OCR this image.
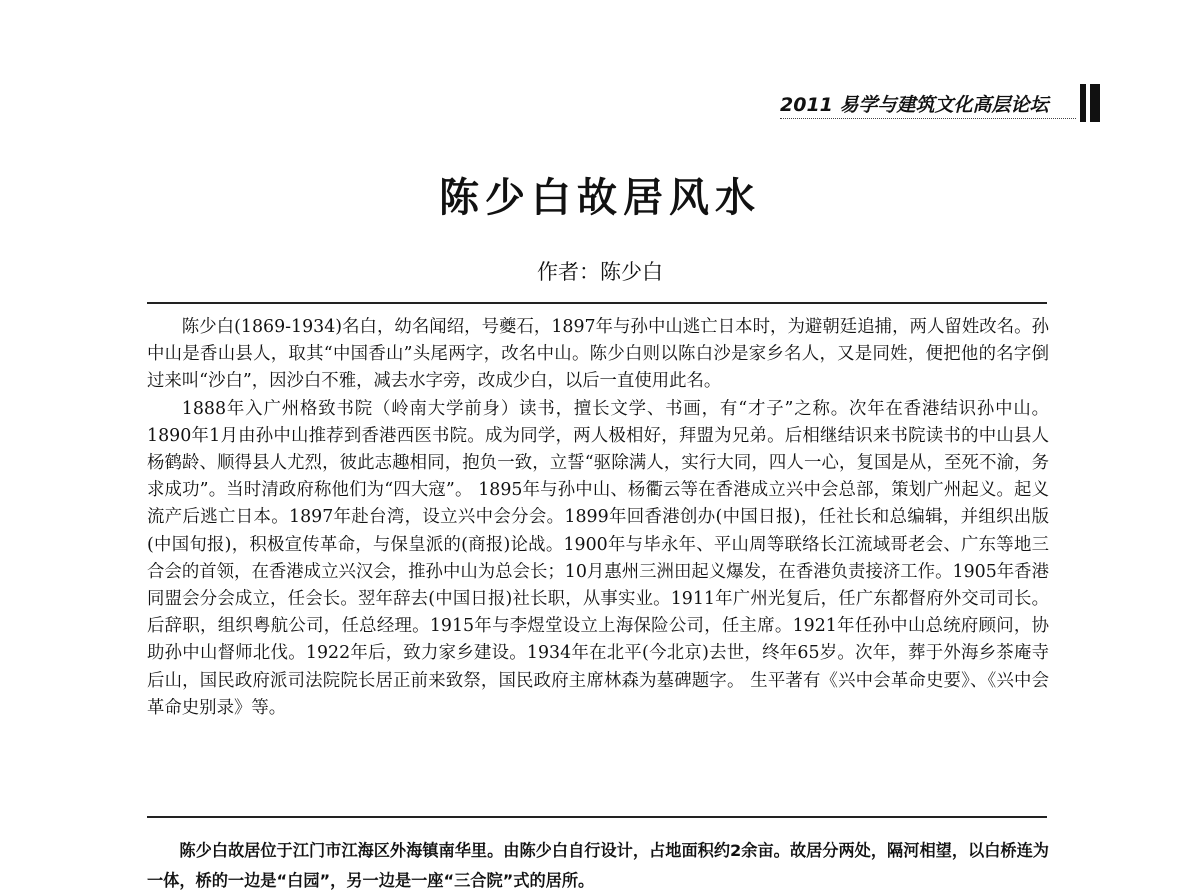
2011 易学与建筑文化高层论坛
陈少白故居风水
作者：陈少白

陈少白(1869-1934)名白，幼名闻绍，号夔石，1897年与孙中山逃亡日本时，为避朝廷追捕，两人留姓改名。孙中山是香山县人，取其“中国香山”头尾两字，改名中山。陈少白则以陈白沙是家乡名人，又是同姓，便把他的名字倒过来叫“沙白”，因沙白不雅，减去水字旁，改成少白，以后一直使用此名。

1888年入广州格致书院（岭南大学前身）读书，擅长文学、书画，有“才子”之称。次年在香港结识孙中山。1890年1月由孙中山推荐到香港西医书院。成为同学，两人极相好，拜盟为兄弟。后相继结识来书院读书的中山县人杨鹤龄、顺得县人尤烈，彼此志趣相同，抱负一致，立誓“驱除满人，实行大同，四人一心，复国是从，至死不渝，务求成功”。当时清政府称他们为“四大寇”。 1895年与孙中山、杨衢云等在香港成立兴中会总部，策划广州起义。起义流产后逃亡日本。1897年赴台湾，设立兴中会分会。1899年回香港创办(中国日报)，任社长和总编辑，并组织出版(中国旬报)，积极宣传革命，与保皇派的(商报)论战。1900年与毕永年、平山周等联络长江流域哥老会、广东等地三合会的首领，在香港成立兴汉会，推孙中山为总会长；10月惠州三洲田起义爆发，在香港负责接济工作。1905年香港同盟会分会成立，任会长。翌年辞去(中国日报)社长职，从事实业。1911年广州光复后，任广东都督府外交司司长。后辞职，组织粤航公司，任总经理。1915年与李煜堂设立上海保险公司，任主席。1921年任孙中山总统府顾问，协助孙中山督师北伐。1922年后，致力家乡建设。1934年在北平(今北京)去世，终年65岁。次年，葬于外海乡茶庵寺后山，国民政府派司法院院长居正前来致祭，国民政府主席林森为墓碑题字。 生平著有《兴中会革命史要》、《兴中会革命史别录》等。

陈少白故居位于江门市江海区外海镇南华里。由陈少白自行设计，占地面积约2余亩。故居分两处，隔河相望，以白桥连为一体，桥的一边是“白园”，另一边是一座“三合院”式的居所。
